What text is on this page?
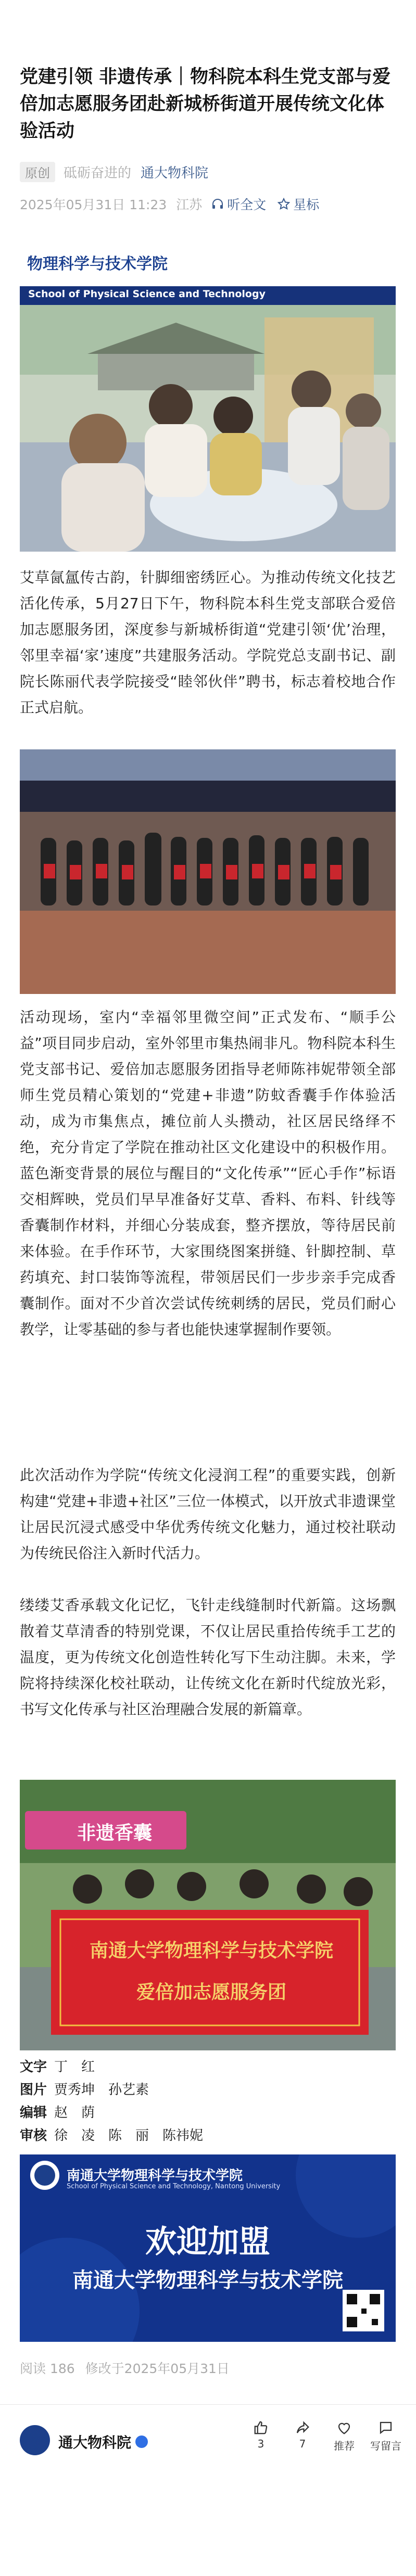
党建引领 非遗传承｜物科院本科生党支部与爱倍加志愿服务团赴新城桥街道开展传统文化体验活动
原创	砥砺奋进的 通大物科院
2025年05月31日 11:23 江苏 听全文 星标
物理科学与技术学院
School of Physical Science and Technology

艾草氤氲传古韵，针脚细密绣匠心。为推动传统文化技艺活化传承，5月27日下午，物科院本科生党支部联合爱倍加志愿服务团，深度参与新城桥街道“党建引领‘优’治理，邻里幸福‘家’速度”共建服务活动。学院党总支副书记、副院长陈丽代表学院接受“睦邻伙伴”聘书，标志着校地合作正式启航。

活动现场，室内“幸福邻里微空间”正式发布、“顺手公益”项目同步启动，室外邻里市集热闹非凡。物科院本科生党支部书记、爱倍加志愿服务团指导老师陈祎妮带领全部师生党员精心策划的“党建+非遗”防蚊香囊手作体验活动，成为市集焦点，摊位前人头攒动，社区居民络绎不绝，充分肯定了学院在推动社区文化建设中的积极作用。蓝色渐变背景的展位与醒目的“文化传承”“匠心手作”标语交相辉映，党员们早早准备好艾草、香料、布料、针线等香囊制作材料，并细心分装成套，整齐摆放，等待居民前来体验。在手作环节，大家围绕图案拼缝、针脚控制、草药填充、封口装饰等流程，带领居民们一步步亲手完成香囊制作。面对不少首次尝试传统刺绣的居民，党员们耐心教学，让零基础的参与者也能快速掌握制作要领。

此次活动作为学院“传统文化浸润工程”的重要实践，创新构建“党建+非遗+社区”三位一体模式，以开放式非遗课堂让居民沉浸式感受中华优秀传统文化魅力，通过校社联动为传统民俗注入新时代活力。

缕缕艾香承载文化记忆，飞针走线缝制时代新篇。这场飘散着艾草清香的特别党课，不仅让居民重拾传统手工艺的温度，更为传统文化创造性转化写下生动注脚。未来，学院将持续深化校社联动，让传统文化在新时代绽放光彩，书写文化传承与社区治理融合发展的新篇章。

非遗香囊
南通大学物理科学与技术学院
爱倍加志愿服务团
文字 丁　红
图片 贾秀坤　孙艺素
编辑 赵　荫
审核 徐　凌　陈　丽　陈祎妮
南通大学物理科学与技术学院
School of Physical Science and Technology, Nantong University
欢迎加盟
南通大学物理科学与技术学院
阅读 186 修改于2025年05月31日
通大物科院	3	7	推荐	写留言
